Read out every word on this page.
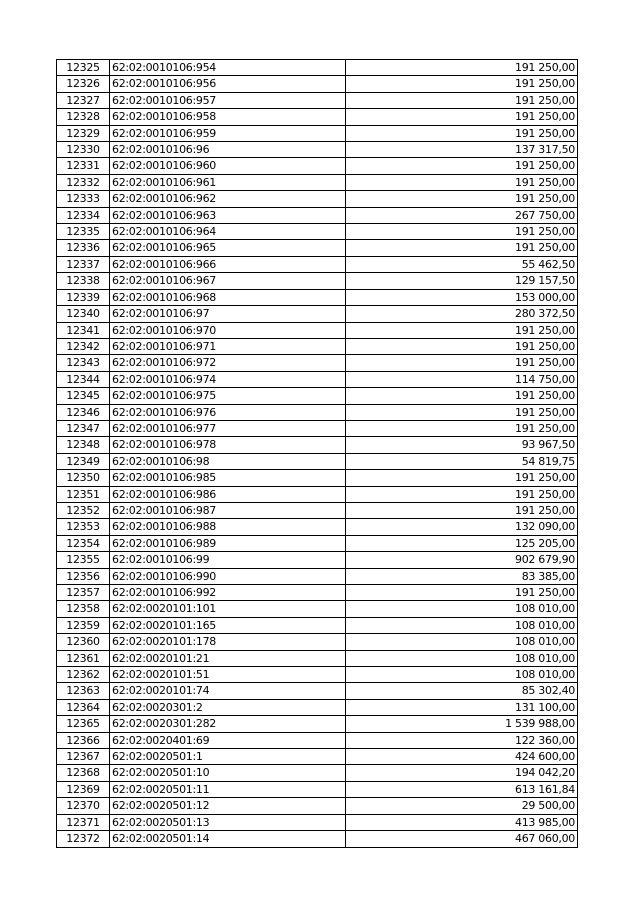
12325	62:02:0010106:954	191 250,00
12326	62:02:0010106:956	191 250,00
12327	62:02:0010106:957	191 250,00
12328	62:02:0010106:958	191 250,00
12329	62:02:0010106:959	191 250,00
12330	62:02:0010106:96	137 317,50
12331	62:02:0010106:960	191 250,00
12332	62:02:0010106:961	191 250,00
12333	62:02:0010106:962	191 250,00
12334	62:02:0010106:963	267 750,00
12335	62:02:0010106:964	191 250,00
12336	62:02:0010106:965	191 250,00
12337	62:02:0010106:966	55 462,50
12338	62:02:0010106:967	129 157,50
12339	62:02:0010106:968	153 000,00
12340	62:02:0010106:97	280 372,50
12341	62:02:0010106:970	191 250,00
12342	62:02:0010106:971	191 250,00
12343	62:02:0010106:972	191 250,00
12344	62:02:0010106:974	114 750,00
12345	62:02:0010106:975	191 250,00
12346	62:02:0010106:976	191 250,00
12347	62:02:0010106:977	191 250,00
12348	62:02:0010106:978	93 967,50
12349	62:02:0010106:98	54 819,75
12350	62:02:0010106:985	191 250,00
12351	62:02:0010106:986	191 250,00
12352	62:02:0010106:987	191 250,00
12353	62:02:0010106:988	132 090,00
12354	62:02:0010106:989	125 205,00
12355	62:02:0010106:99	902 679,90
12356	62:02:0010106:990	83 385,00
12357	62:02:0010106:992	191 250,00
12358	62:02:0020101:101	108 010,00
12359	62:02:0020101:165	108 010,00
12360	62:02:0020101:178	108 010,00
12361	62:02:0020101:21	108 010,00
12362	62:02:0020101:51	108 010,00
12363	62:02:0020101:74	85 302,40
12364	62:02:0020301:2	131 100,00
12365	62:02:0020301:282	1 539 988,00
12366	62:02:0020401:69	122 360,00
12367	62:02:0020501:1	424 600,00
12368	62:02:0020501:10	194 042,20
12369	62:02:0020501:11	613 161,84
12370	62:02:0020501:12	29 500,00
12371	62:02:0020501:13	413 985,00
12372	62:02:0020501:14	467 060,00
